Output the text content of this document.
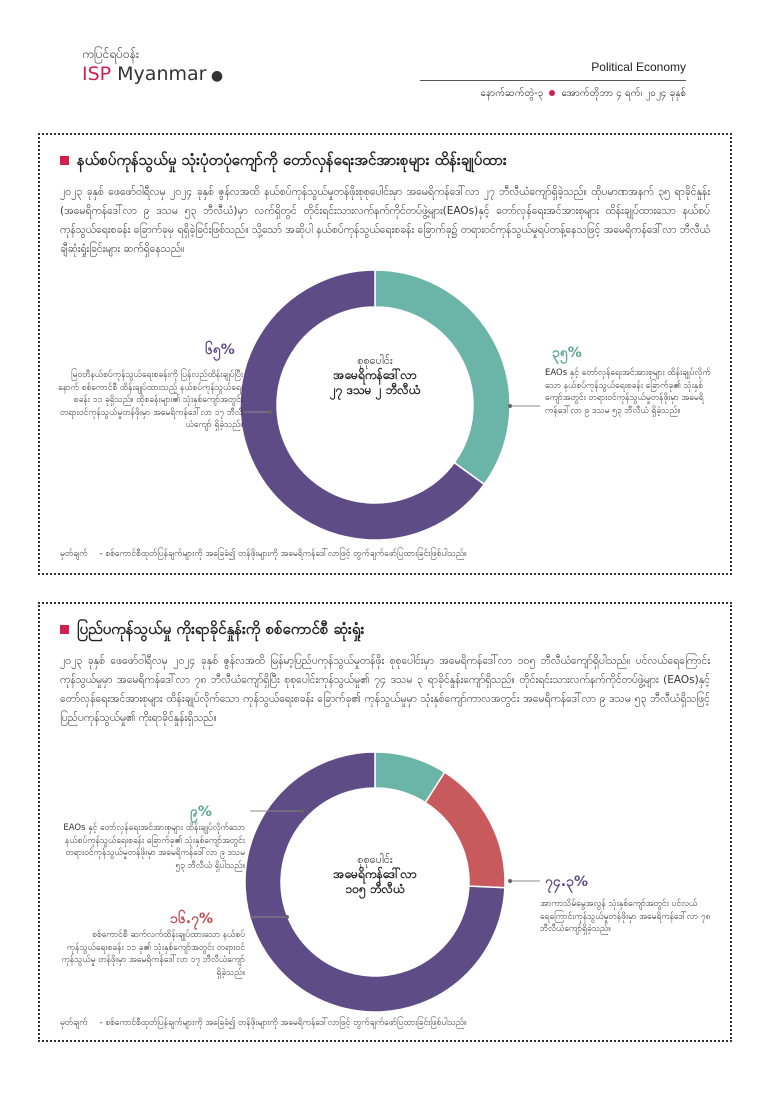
ကပြင်ရပ်ဝန်း
ISP Myanmar ●
Political Economy
နောက်ဆက်တွဲ-၃ အောက်တိုဘာ ၄ ရက်၊ ၂၀၂၄ ခုနှစ်
နယ်စပ်ကုန်သွယ်မှု သုံးပုံတပုံကျော်ကို တော်လှန်ရေးအင်အားစုများ ထိန်းချုပ်ထား
၂၀၂၃ ခုနှစ် ဖေဖော်ဝါရီလမှ ၂၀၂၄ ခုနှစ် ဇွန်လအထိ နယ်စပ်ကုန်သွယ်မှုတန်ဖိုးစုစုပေါင်းမှာ အမေရိကန်ဒေါ်လာ ၂၇ ဘီလီယံကျော်ရှိခဲ့သည်။ ထိုပမာဏအနက် ၃၅ ရာခိုင်နှုန်း (အမေရိကန်ဒေါ်လာ ၉ ဒသမ ၅၃ ဘီလီယံ)မှာ လက်ရှိတွင် တိုင်းရင်းသားလက်နက်ကိုင်တပ်ဖွဲ့များ(EAOs)နှင့် တော်လှန်ရေးအင်အားစုများ ထိန်းချုပ်ထားသော နယ်စပ်ကုန်သွယ်ရေးစခန်း ခြောက်ခုမှ ရရှိခဲ့ခြင်းဖြစ်သည်။ သို့သော် အဆိုပါ နယ်စပ်ကုန်သွယ်ရေးစခန်း ခြောက်ခု၌ တရားဝင်ကုန်သွယ်မှုရပ်တန့်နေသဖြင့် အမေရိကန်ဒေါ်လာ ဘီလီယံချီဆုံးရှုံးခြင်းများ ဆက်ရှိနေသည်။
စုစုပေါင်း
အမေရိကန်ဒေါ်လာ
၂၇ ဒသမ ၂ ဘီလီယံ
၆၅%
မြဝတီနယ်စပ်ကုန်သွယ်ရေးစခန်းကို ပြန်လည်ထိန်းချုပ်ပြီးနောက် စစ်ကောင်စီ ထိန်းချုပ်ထားသည့် နယ်စပ်ကုန်သွယ်ရေးစခန်း ၁၁ ခုရှိသည်။ ထိုစခန်းများ၏ သုံးနှစ်ကျော်အတွင်း တရားဝင်ကုန်သွယ်မှုတန်ဖိုးမှာ အမေရိကန်ဒေါ်လာ ၁၇ ဘီလီယံကျော် ရှိခဲ့သည်။
၃၅%
EAOs နှင့် တော်လှန်ရေးအင်အားစုများ ထိန်းချုပ်လိုက်သော နယ်စပ်ကုန်သွယ်ရေးစခန်း ခြောက်ခု၏ သုံးနှစ်ကျော်အတွင်း တရားဝင်ကုန်သွယ်မှုတန်ဖိုးမှာ အမေရိကန်ဒေါ်လာ ၉ ဒသမ ၅၃ ဘီလီယံ ရှိခဲ့သည်။
မှတ်ချက် - စစ်ကောင်စီထုတ်ပြန်ချက်များကို အခြေခံ၍ တန်ဖိုးများကို အမေရိကန်ဒေါ်လာဖြင့် တွက်ချက်ဖော်ပြထားခြင်းဖြစ်ပါသည်။
ပြည်ပကုန်သွယ်မှု ကိုးရာခိုင်နှုန်းကို စစ်ကောင်စီ ဆုံးရှုံး
၂၀၂၃ ခုနှစ် ဖေဖော်ဝါရီလမှ ၂၀၂၄ ခုနှစ် ဇွန်လအထိ မြန်မာ့ပြည်ပကုန်သွယ်မှုတန်ဖိုး စုစုပေါင်းမှာ အမေရိကန်ဒေါ်လာ ၁၀၅ ဘီလီယံကျော်ရှိပါသည်။ ပင်လယ်ရေကြောင်းကုန်သွယ်မှုမှာ အမေရိကန်ဒေါ်လာ ၇၈ ဘီလီယံကျော်ရှိပြီး စုစုပေါင်းကုန်သွယ်မှု၏ ၇၄ ဒသမ ၃ ရာခိုင်နှုန်းကျော်ရှိသည်။ တိုင်းရင်းသားလက်နက်ကိုင်တပ်ဖွဲ့များ (EAOs)နှင့် တော်လှန်ရေးအင်အားစုများ ထိန်းချုပ်လိုက်သော ကုန်သွယ်ရေးစခန်း ခြောက်ခု၏ ကုန်သွယ်မှုမှာ သုံးနှစ်ကျော်ကာလအတွင်း အမေရိကန်ဒေါ်လာ ၉ ဒသမ ၅၃ ဘီလီယံရှိသဖြင့် ပြည်ပကုန်သွယ်မှု၏ ကိုးရာခိုင်နှုန်းရှိသည်။
စုစုပေါင်း
အမေရိကန်ဒေါ်လာ
၁၀၅ ဘီလီယံ
၉%
EAOs နှင့် တော်လှန်ရေးအင်အားစုများ ထိန်းချုပ်လိုက်သော နယ်စပ်ကုန်သွယ်ရေးစခန်း ခြောက်ခု၏ သုံးနှစ်ကျော်အတွင်း တရားဝင်ကုန်သွယ်မှုတန်ဖိုးမှာ အမေရိကန်ဒေါ်လာ ၉ ဒသမ ၅၃ ဘီလီယံ ရှိပါသည်။
၁၆.၇%
စစ်ကောင်စီ ဆက်လက်ထိန်းချုပ်ထားသော နယ်စပ်ကုန်သွယ်ရေးစခန်း ၁၁ ခု၏ သုံးနှစ်ကျော်အတွင်း တရားဝင်ကုန်သွယ်မှု တန်ဖိုးမှာ အမေရိကန်ဒေါ်လာ ၁၇ ဘီလီယံကျော် ရှိခဲ့သည်။
၇၄.၃%
အာကာသိမ်မွေအလွန် သုံးနှစ်ကျော်အတွင်း ပင်လယ်ရေကြောင်းကုန်သွယ်မှုတန်ဖိုးမှာ အမေရိကန်ဒေါ်လာ ၇၈ ဘီလီယံကျော်ရှိခဲ့သည်။
မှတ်ချက် - စစ်ကောင်စီထုတ်ပြန်ချက်များကို အခြေခံ၍ တန်ဖိုးများကို အမေရိကန်ဒေါ်လာဖြင့် တွက်ချက်ဖော်ပြထားခြင်းဖြစ်ပါသည်။
